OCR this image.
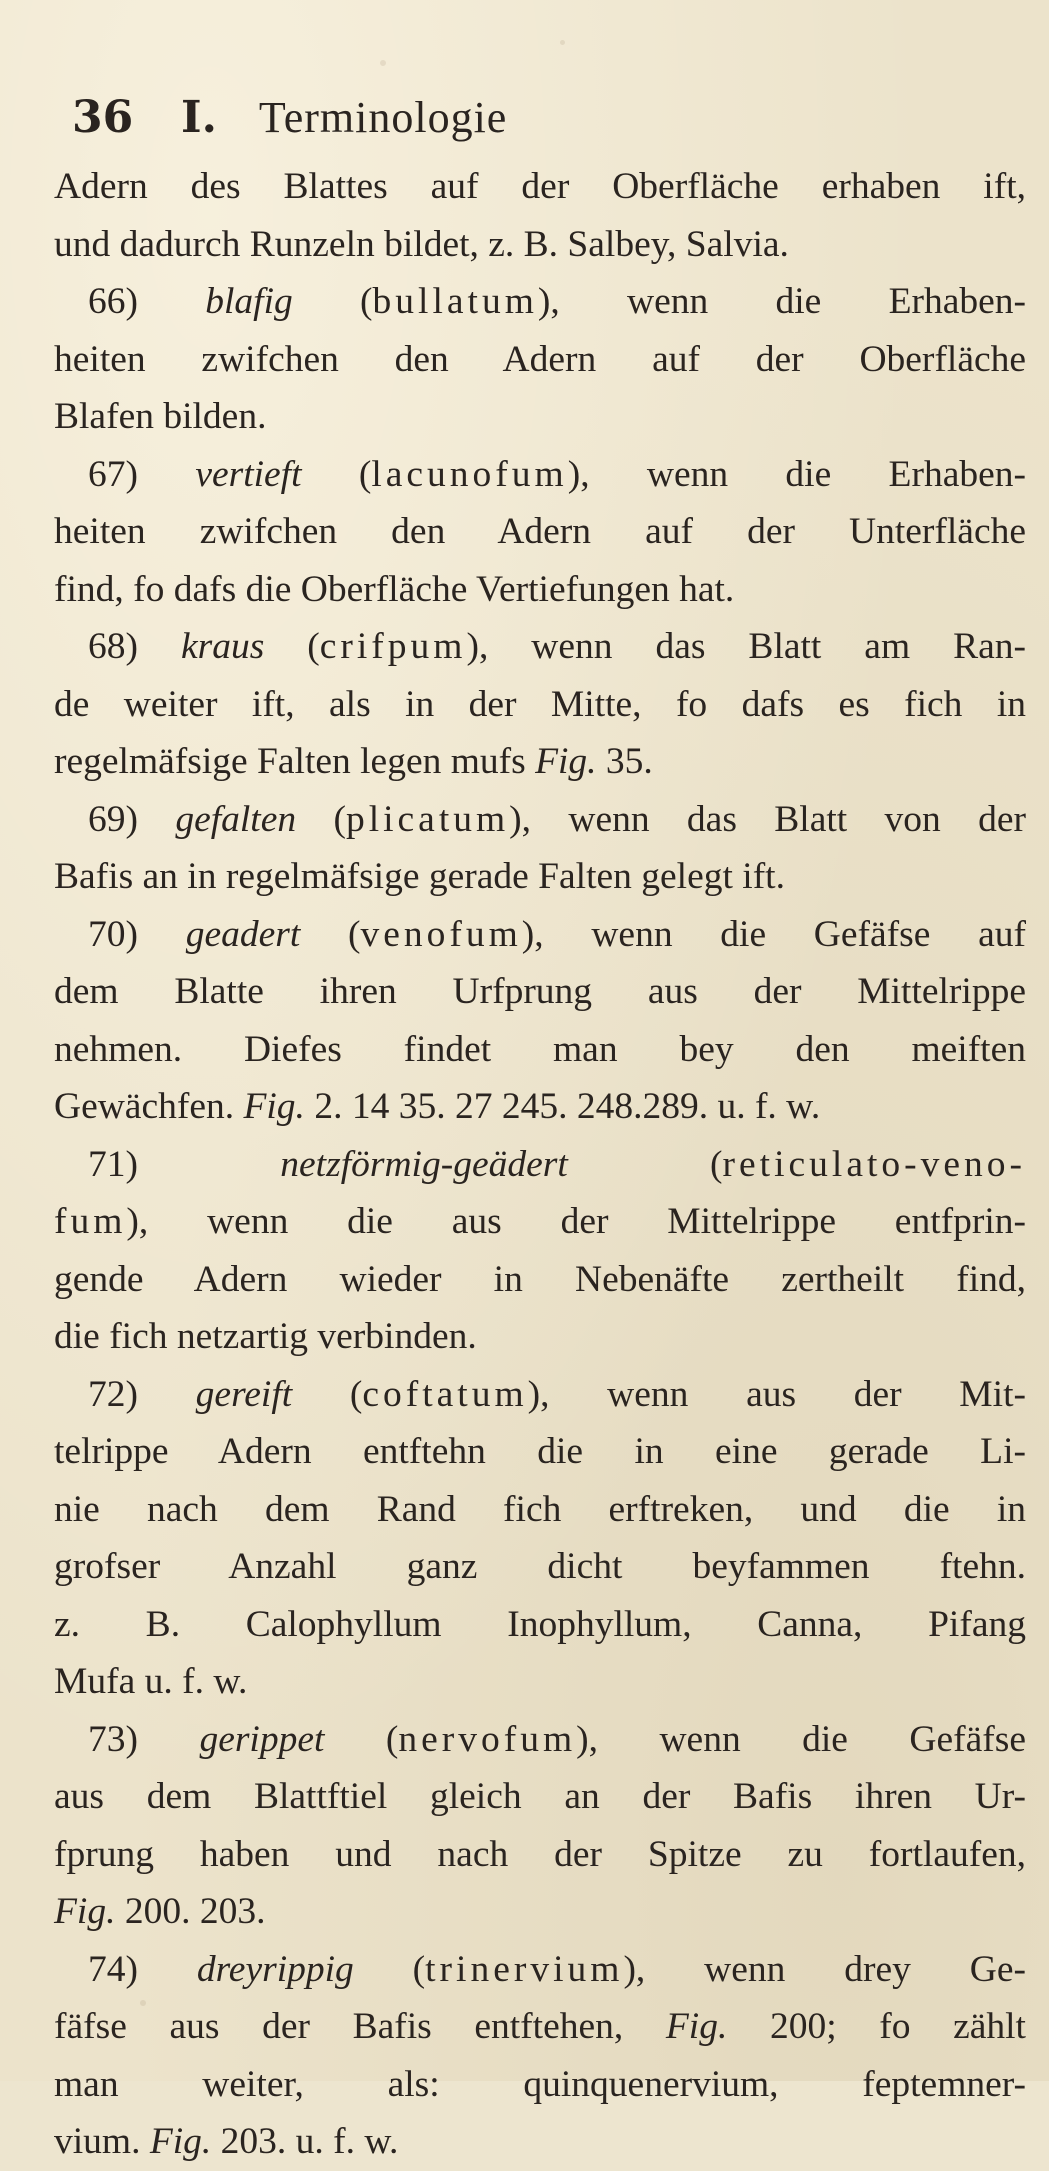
36 I. Terminologie
Adern des Blattes auf der Oberfläche erhaben ift,
und dadurch Runzeln bildet, z. B. Salbey, Salvia.
66) blafig (bullatum), wenn die Erhaben-
heiten zwifchen den Adern auf der Oberfläche
Blafen bilden.
67) vertieft (lacunofum), wenn die Erhaben-
heiten zwifchen den Adern auf der Unterfläche
find, fo dafs die Oberfläche Vertiefungen hat.
68) kraus (crifpum), wenn das Blatt am Ran-
de weiter ift, als in der Mitte, fo dafs es fich in
regelmäfsige Falten legen mufs Fig. 35.
69) gefalten (plicatum), wenn das Blatt von der
Bafis an in regelmäfsige gerade Falten gelegt ift.
70) geadert (venofum), wenn die Gefäfse auf
dem Blatte ihren Urfprung aus der Mittelrippe
nehmen. Diefes findet man bey den meiften
Gewächfen. Fig. 2. 14 35. 27 245. 248.289. u. f. w.
71) netzförmig-geädert (reticulato-veno-
fum), wenn die aus der Mittelrippe entfprin-
gende Adern wieder in Nebenäfte zertheilt find,
die fich netzartig verbinden.
72) gereift (coftatum), wenn aus der Mit-
telrippe Adern entftehn die in eine gerade Li-
nie nach dem Rand fich erftreken, und die in
grofser Anzahl ganz dicht beyfammen ftehn.
z. B. Calophyllum Inophyllum, Canna, Pifang
Mufa u. f. w.
73) gerippet (nervofum), wenn die Gefäfse
aus dem Blattftiel gleich an der Bafis ihren Ur-
fprung haben und nach der Spitze zu fortlaufen,
Fig. 200. 203.
74) dreyrippig (trinervium), wenn drey Ge-
fäfse aus der Bafis entftehen, Fig. 200; fo zählt
man weiter, als: quinquenervium, feptemner-
vium. Fig. 203. u. f. w.
